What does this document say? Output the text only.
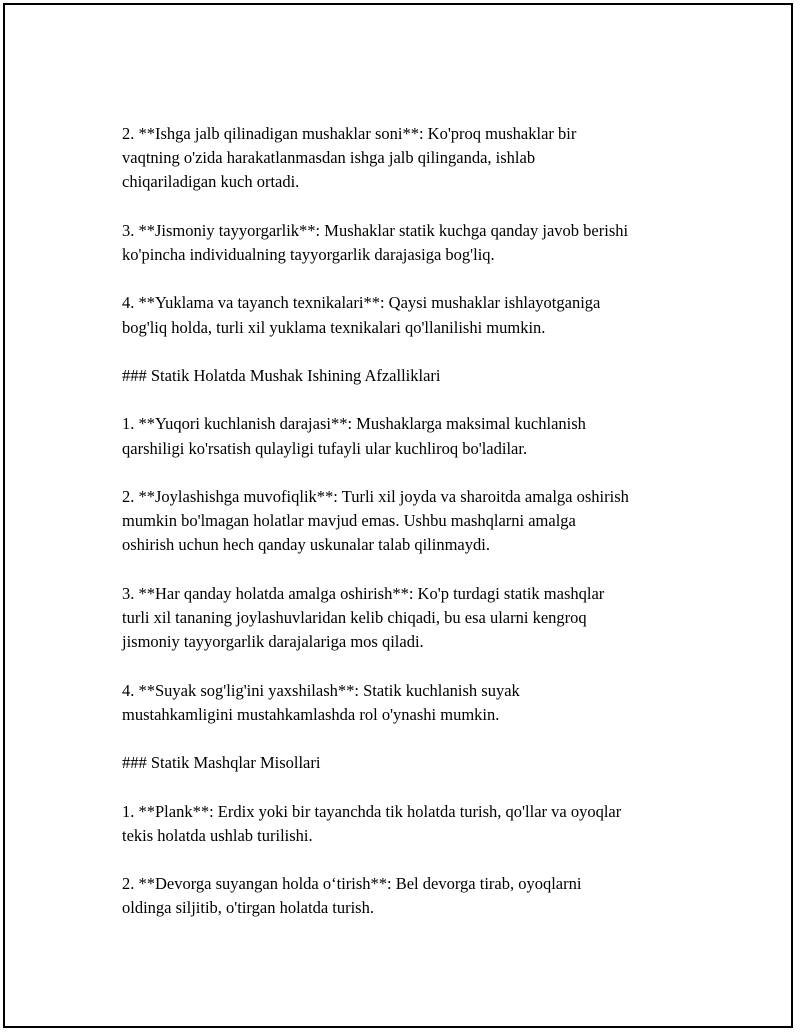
2. **Ishga jalb qilinadigan mushaklar soni**: Ko'proq mushaklar bir
vaqtning o'zida harakatlanmasdan ishga jalb qilinganda, ishlab
chiqariladigan kuch ortadi.

3. **Jismoniy tayyorgarlik**: Mushaklar statik kuchga qanday javob berishi
ko'pincha individualning tayyorgarlik darajasiga bog'liq.

4. **Yuklama va tayanch texnikalari**: Qaysi mushaklar ishlayotganiga
bog'liq holda, turli xil yuklama texnikalari qo'llanilishi mumkin.

### Statik Holatda Mushak Ishining Afzalliklari

1. **Yuqori kuchlanish darajasi**: Mushaklarga maksimal kuchlanish
qarshiligi ko'rsatish qulayligi tufayli ular kuchliroq bo'ladilar.

2. **Joylashishga muvofiqlik**: Turli xil joyda va sharoitda amalga oshirish
mumkin bo'lmagan holatlar mavjud emas. Ushbu mashqlarni amalga
oshirish uchun hech qanday uskunalar talab qilinmaydi.

3. **Har qanday holatda amalga oshirish**: Ko'p turdagi statik mashqlar
turli xil tananing joylashuvlaridan kelib chiqadi, bu esa ularni kengroq
jismoniy tayyorgarlik darajalariga mos qiladi.

4. **Suyak sog'lig'ini yaxshilash**: Statik kuchlanish suyak
mustahkamligini mustahkamlashda rol o'ynashi mumkin.

### Statik Mashqlar Misollari

1. **Plank**: Erdix yoki bir tayanchda tik holatda turish, qo'llar va oyoqlar
tekis holatda ushlab turilishi.

2. **Devorga suyangan holda o‘tirish**: Bel devorga tirab, oyoqlarni
oldinga siljitib, o'tirgan holatda turish.
